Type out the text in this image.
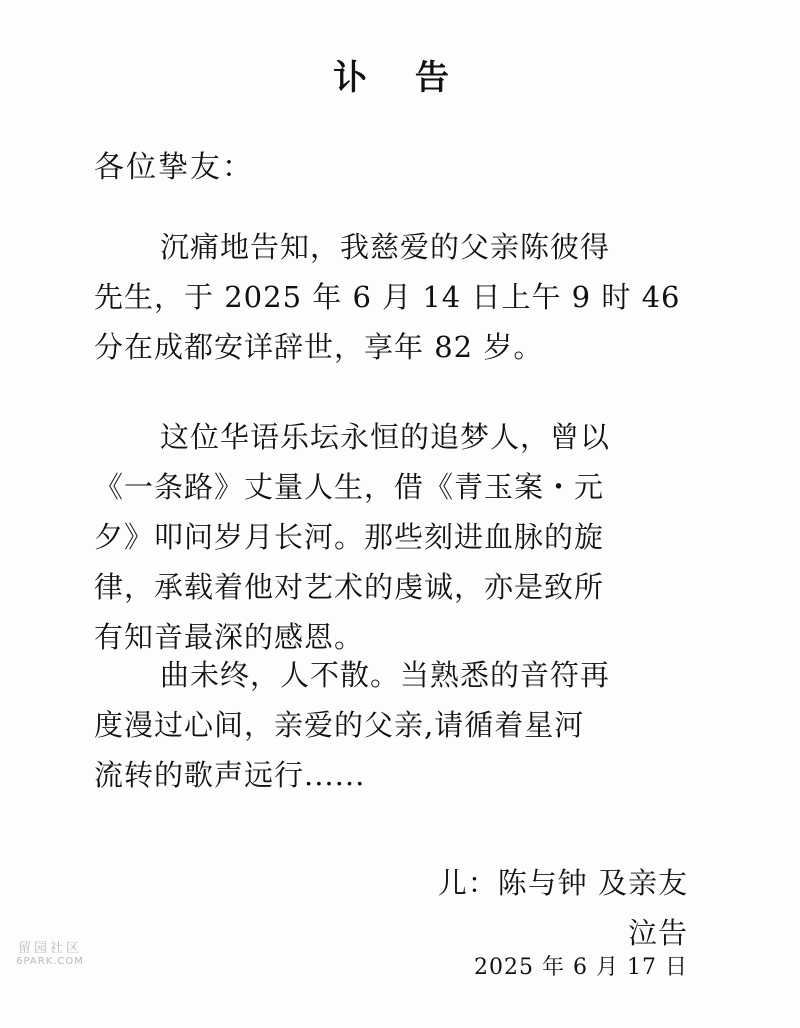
讣 告
各位挚友：
沉痛地告知，我慈爱的父亲陈彼得
先生，于 2025 年 6 月 14 日上午 9 时 46
分在成都安详辞世，享年 82 岁。
这位华语乐坛永恒的追梦人，曾以
《一条路》丈量人生，借《青玉案・元
夕》叩问岁月长河。那些刻进血脉的旋
律，承载着他对艺术的虔诚，亦是致所
有知音最深的感恩。
曲未终，人不散。当熟悉的音符再
度漫过心间，亲爱的父亲,请循着星河
流转的歌声远行......
儿：陈与钟 及亲友
泣告
2025 年 6 月 17 日
留园社区
6PARK.COM
